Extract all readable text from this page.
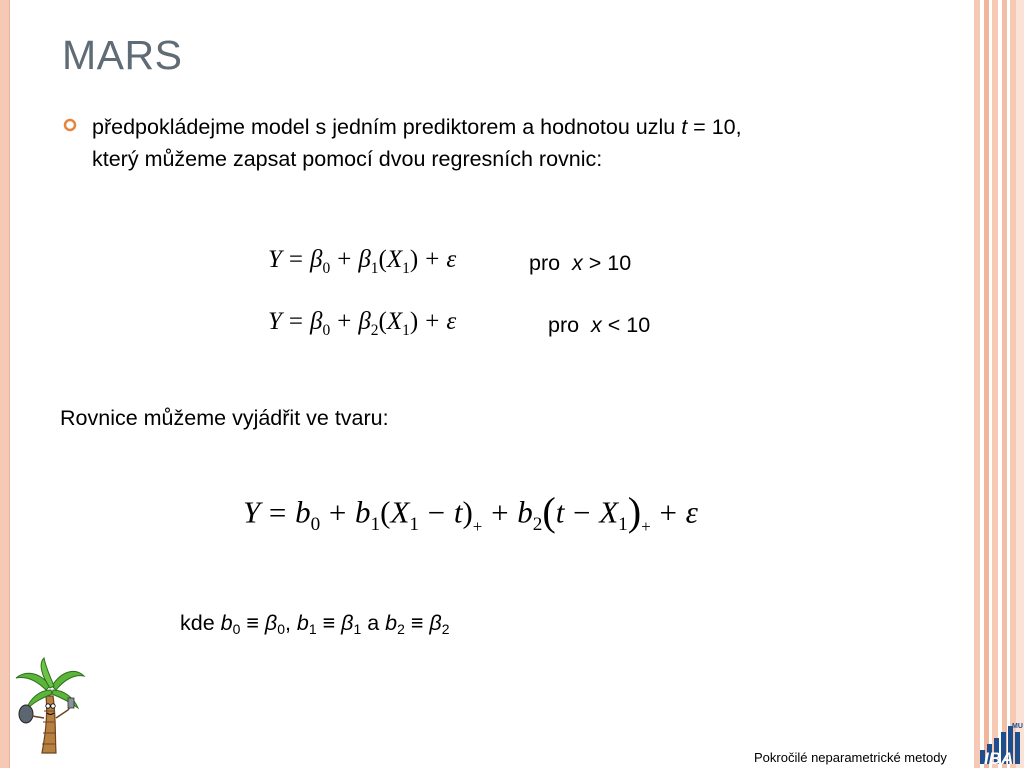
MARS
předpokládejme model s jedním prediktorem a hodnotou uzlu t = 10,
který můžeme zapsat pomocí dvou regresních rovnic:
$Y = \beta_0 + \beta_1(X_1) + \varepsilon$	pro x > 10
$Y = \beta_0 + \beta_2(X_1) + \varepsilon$	pro x < 10
Rovnice můžeme vyjádřit ve tvaru:
$Y = b_0 + b_1(X_1 - t)_+ + b_2(t - X_1)_+ + \varepsilon$
kde $b_0 \equiv \beta_0$, $b_1 \equiv \beta_1$ a $b_2 \equiv \beta_2$
Pokročilé neparametrické metody IBA
MU
